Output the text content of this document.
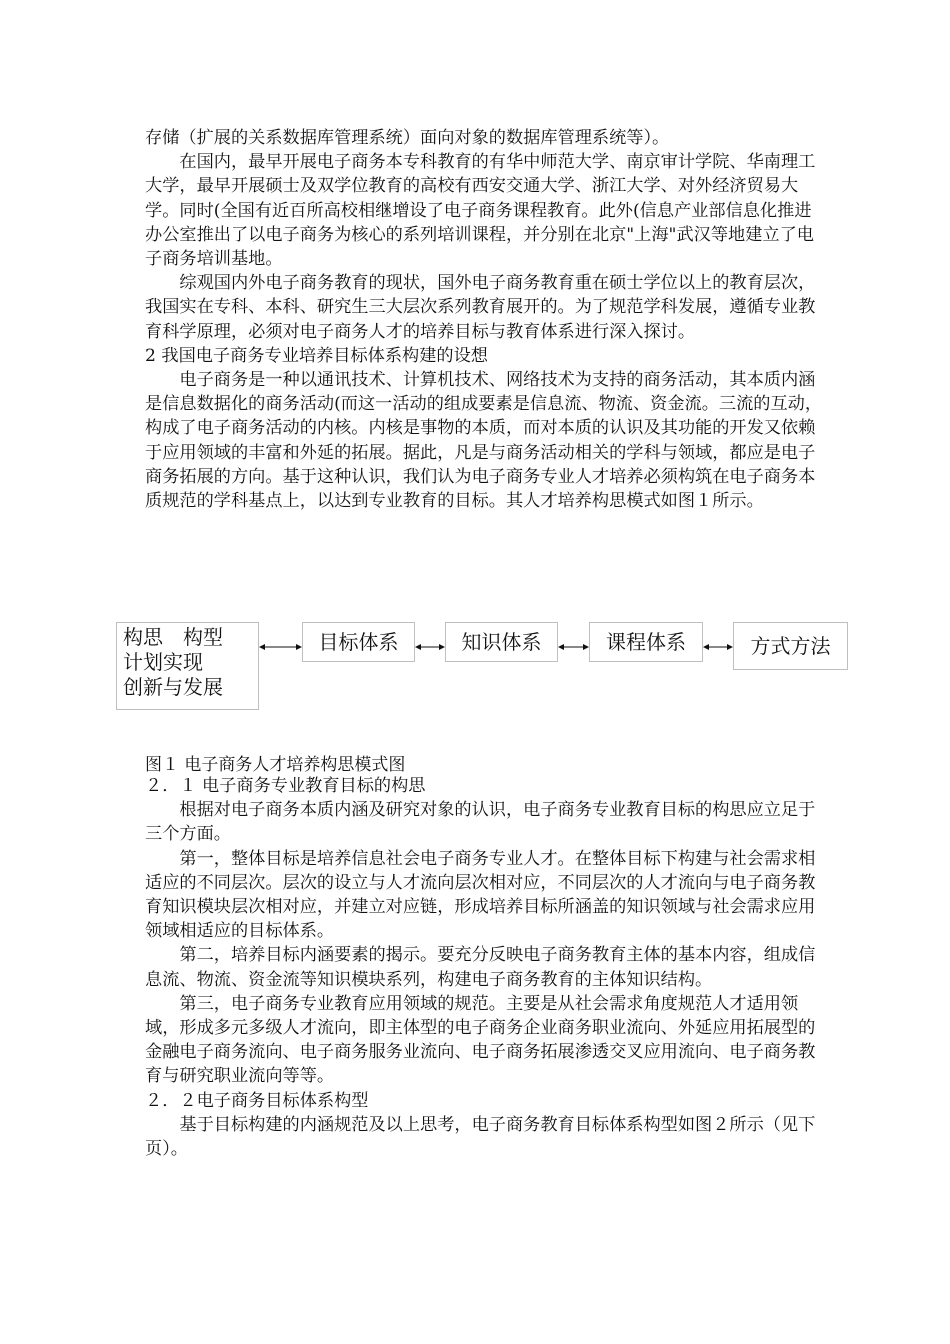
存储（扩展的关系数据库管理系统）面向对象的数据库管理系统等）。

在国内，最早开展电子商务本专科教育的有华中师范大学、南京审计学院、华南理工大学，最早开展硕士及双学位教育的高校有西安交通大学、浙江大学、对外经济贸易大学。同时(全国有近百所高校相继增设了电子商务课程教育。此外(信息产业部信息化推进办公室推出了以电子商务为核心的系列培训课程，并分别在北京"上海"武汉等地建立了电子商务培训基地。

综观国内外电子商务教育的现状，国外电子商务教育重在硕士学位以上的教育层次，我国实在专科、本科、研究生三大层次系列教育展开的。为了规范学科发展，遵循专业教育科学原理，必须对电子商务人才的培养目标与教育体系进行深入探讨。

2 我国电子商务专业培养目标体系构建的设想

电子商务是一种以通讯技术、计算机技术、网络技术为支持的商务活动，其本质内涵是信息数据化的商务活动(而这一活动的组成要素是信息流、物流、资金流。三流的互动，构成了电子商务活动的内核。内核是事物的本质，而对本质的认识及其功能的开发又依赖于应用领域的丰富和外延的拓展。据此，凡是与商务活动相关的学科与领域，都应是电子商务拓展的方向。基于这种认识，我们认为电子商务专业人才培养必须构筑在电子商务本质规范的学科基点上，以达到专业教育的目标。其人才培养构思模式如图１所示。

构思　构型
计划实现
创新与发展
目标体系	知识体系	课程体系	方式方法
图１ 电子商务人才培养构思模式图

２．１ 电子商务专业教育目标的构思

根据对电子商务本质内涵及研究对象的认识，电子商务专业教育目标的构思应立足于三个方面。

第一，整体目标是培养信息社会电子商务专业人才。在整体目标下构建与社会需求相适应的不同层次。层次的设立与人才流向层次相对应，不同层次的人才流向与电子商务教育知识模块层次相对应，并建立对应链，形成培养目标所涵盖的知识领域与社会需求应用领域相适应的目标体系。

第二，培养目标内涵要素的揭示。要充分反映电子商务教育主体的基本内容，组成信息流、物流、资金流等知识模块系列，构建电子商务教育的主体知识结构。

第三，电子商务专业教育应用领域的规范。主要是从社会需求角度规范人才适用领域，形成多元多级人才流向，即主体型的电子商务企业商务职业流向、外延应用拓展型的金融电子商务流向、电子商务服务业流向、电子商务拓展渗透交叉应用流向、电子商务教育与研究职业流向等等。

２．２电子商务目标体系构型

基于目标构建的内涵规范及以上思考，电子商务教育目标体系构型如图２所示（见下页）。
